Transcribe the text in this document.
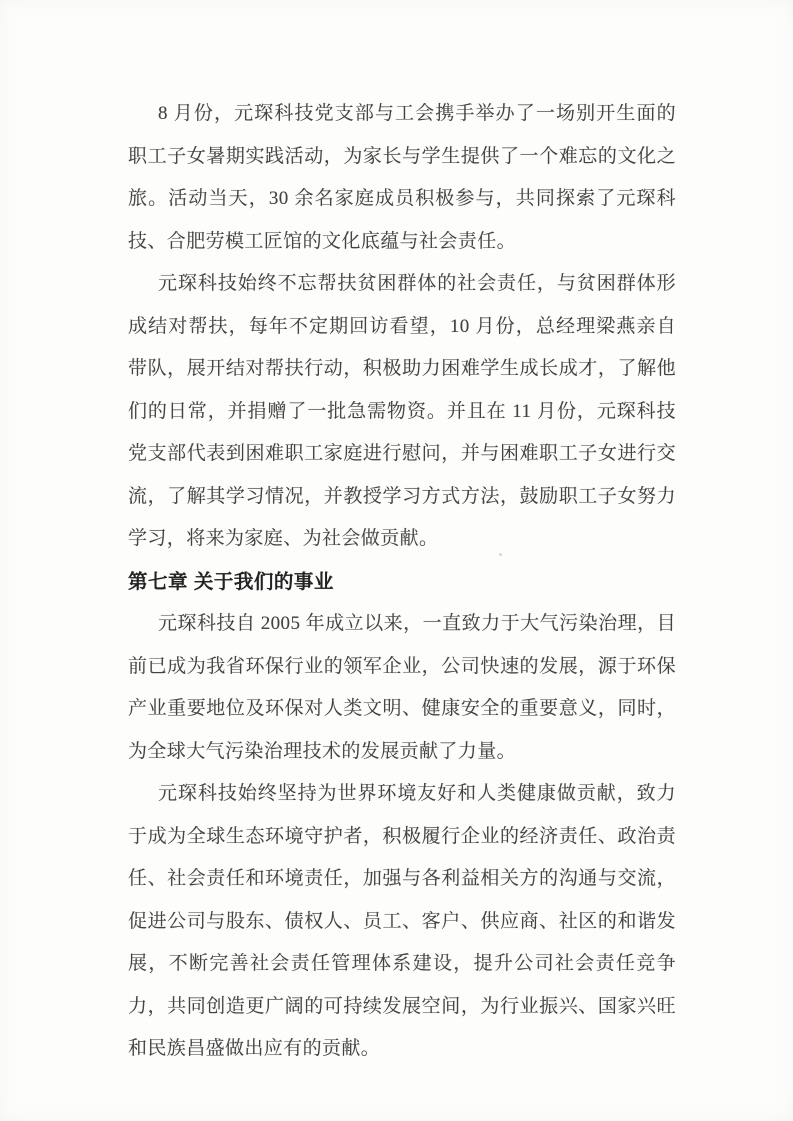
8 月份，元琛科技党支部与工会携手举办了一场别开生面的职工子女暑期实践活动，为家长与学生提供了一个难忘的文化之旅。活动当天，30 余名家庭成员积极参与，共同探索了元琛科技、合肥劳模工匠馆的文化底蕴与社会责任。

元琛科技始终不忘帮扶贫困群体的社会责任，与贫困群体形成结对帮扶，每年不定期回访看望，10 月份，总经理梁燕亲自带队，展开结对帮扶行动，积极助力困难学生成长成才，了解他们的日常，并捐赠了一批急需物资。并且在 11 月份，元琛科技党支部代表到困难职工家庭进行慰问，并与困难职工子女进行交流，了解其学习情况，并教授学习方式方法，鼓励职工子女努力学习，将来为家庭、为社会做贡献。

第七章 关于我们的事业

元琛科技自 2005 年成立以来，一直致力于大气污染治理，目前已成为我省环保行业的领军企业，公司快速的发展，源于环保产业重要地位及环保对人类文明、健康安全的重要意义，同时，为全球大气污染治理技术的发展贡献了力量。

元琛科技始终坚持为世界环境友好和人类健康做贡献，致力于成为全球生态环境守护者，积极履行企业的经济责任、政治责任、社会责任和环境责任，加强与各利益相关方的沟通与交流，促进公司与股东、债权人、员工、客户、供应商、社区的和谐发展，不断完善社会责任管理体系建设，提升公司社会责任竞争力，共同创造更广阔的可持续发展空间，为行业振兴、国家兴旺和民族昌盛做出应有的贡献。
